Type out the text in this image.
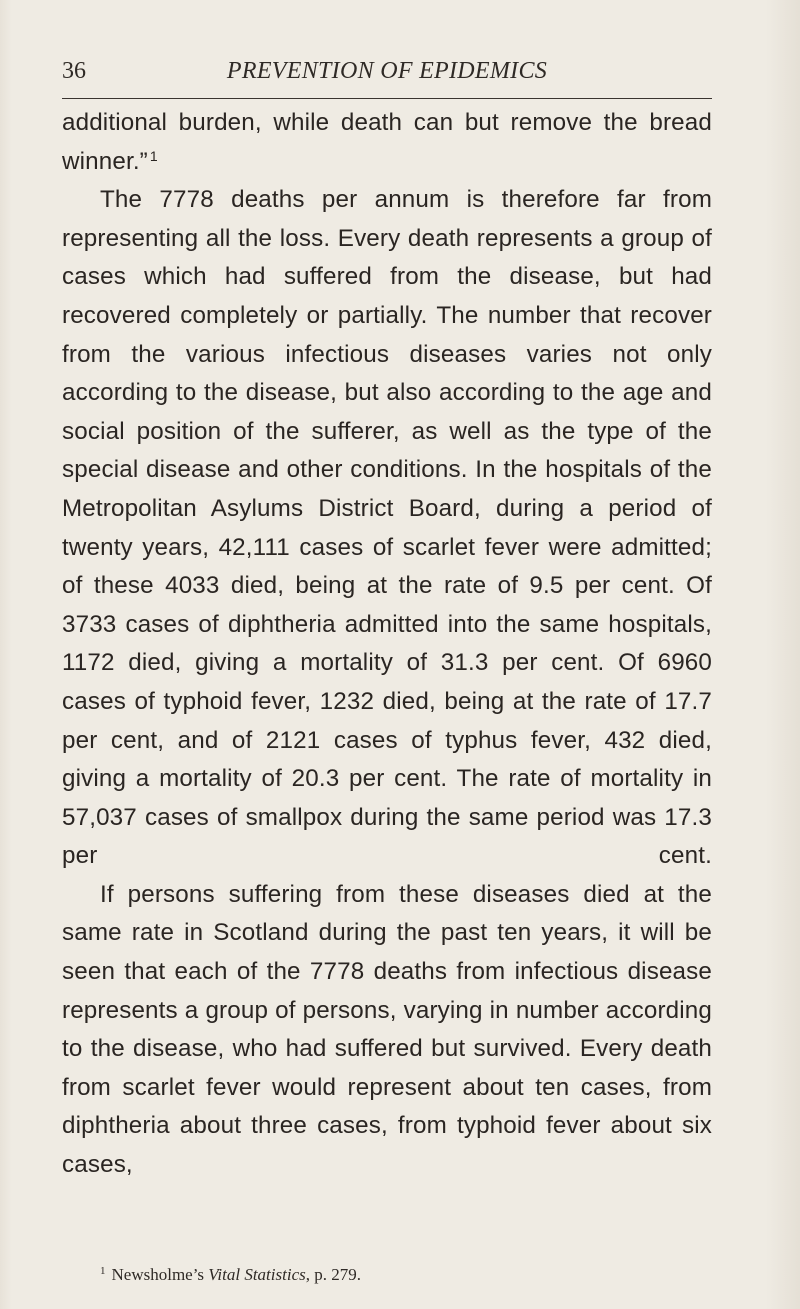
36	PREVENTION OF EPIDEMICS

additional burden, while death can but remove the bread winner.” $^1$

The 7778 deaths per annum is therefore far from representing all the loss. Every death represents a group of cases which had suffered from the disease, but had recovered completely or partially. The number that recover from the various infectious diseases varies not only according to the disease, but also according to the age and social position of the sufferer, as well as the type of the special disease and other conditions. In the hospitals of the Metropolitan Asylums District Board, during a period of twenty years, 42,111 cases of scarlet fever were admitted; of these 4033 died, being at the rate of 9.5 per cent. Of 3733 cases of diphtheria admitted into the same hospitals, 1172 died, giving a mortality of 31.3 per cent. Of 6960 cases of typhoid fever, 1232 died, being at the rate of 17.7 per cent, and of 2121 cases of typhus fever, 432 died, giving a mortality of 20.3 per cent. The rate of mortality in 57,037 cases of smallpox during the same period was 17.3 per cent.

If persons suffering from these diseases died at the same rate in Scotland during the past ten years, it will be seen that each of the 7778 deaths from infectious disease represents a group of persons, varying in number according to the disease, who had suffered but survived. Every death from scarlet fever would represent about ten cases, from diphtheria about three cases, from typhoid fever about six cases,

$^1$ Newsholme’s Vital Statistics, p. 279.
